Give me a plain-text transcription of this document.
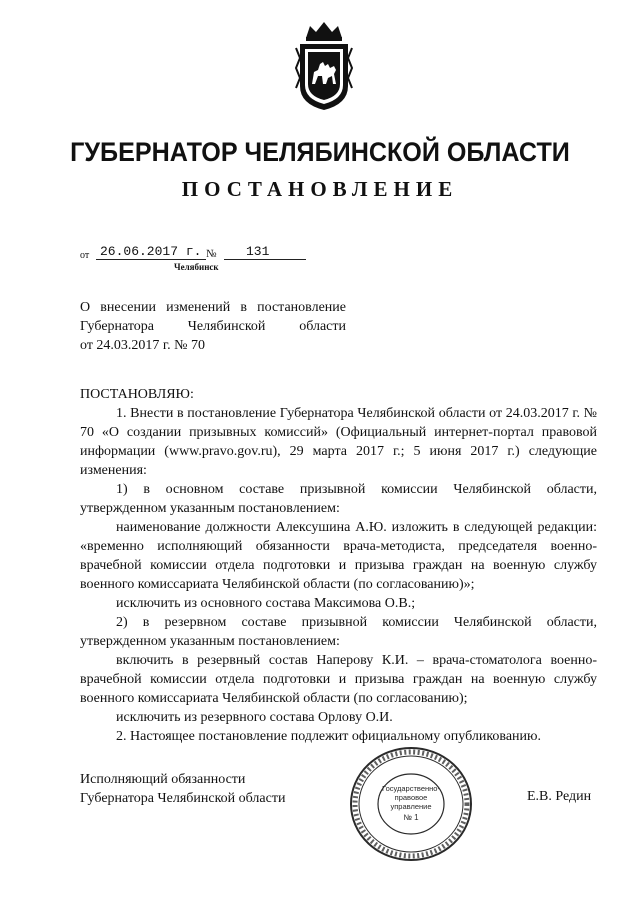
ГУБЕРНАТОР ЧЕЛЯБИНСКОЙ ОБЛАСТИ
ПОСТАНОВЛЕНИЕ
от 26.06.2017 г. №	131
Челябинск
О внесении изменений в постановление
Губернатора Челябинской области
от 24.03.2017 г. № 70

ПОСТАНОВЛЯЮ:

1. Внести в постановление Губернатора Челябинской области от 24.03.2017 г. № 70 «О создании призывных комиссий» (Официальный интернет-портал правовой информации (www.pravo.gov.ru), 29 марта 2017 г.; 5 июня 2017 г.) следующие изменения:

1) в основном составе призывной комиссии Челябинской области, утвержденном указанным постановлением:

наименование должности Алексушина А.Ю. изложить в следующей редакции: «временно исполняющий обязанности врача-методиста, председателя военно-врачебной комиссии отдела подготовки и призыва граждан на военную службу военного комиссариата Челябинской области (по согласованию)»;

исключить из основного состава Максимова О.В.;

2) в резервном составе призывной комиссии Челябинской области, утвержденном указанным постановлением:

включить в резервный состав Наперову К.И. – врача-стоматолога военно-врачебной комиссии отдела подготовки и призыва граждан на военную службу военного комиссариата Челябинской области (по согласованию);

исключить из резервного состава Орлову О.И.

2. Настоящее постановление подлежит официальному опубликованию.

Исполняющий обязанности
Губернатора Челябинской области	Е.В. Редин
Государственно-
правовое
управление
№ 1
